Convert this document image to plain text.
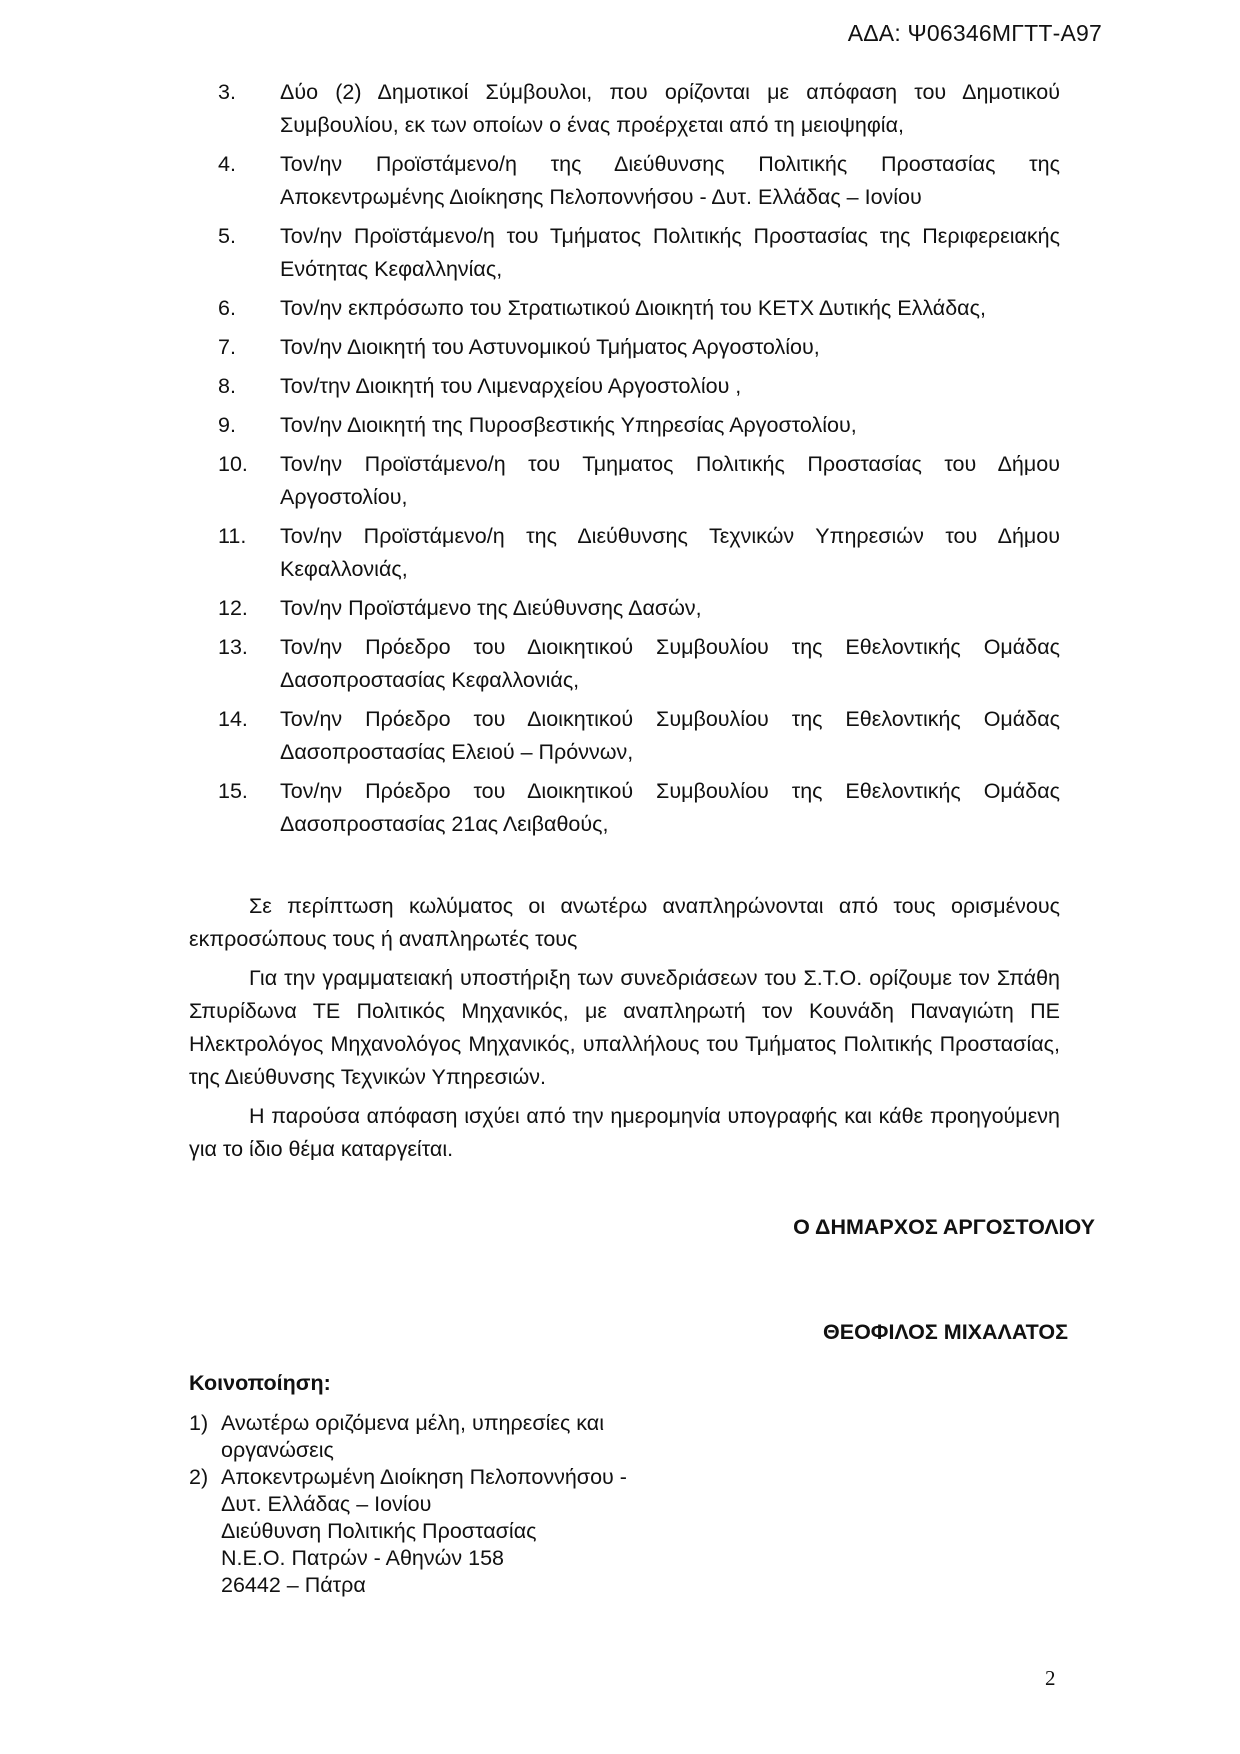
ΑΔΑ: Ψ06346ΜΓΤΤ-Α97
3. Δύο (2) Δημοτικοί Σύμβουλοι, που ορίζονται με απόφαση του Δημοτικού Συμβουλίου, εκ των οποίων ο ένας προέρχεται από τη μειοψηφία,
4. Τον/ην Προϊστάμενο/η της Διεύθυνσης Πολιτικής Προστασίας της Αποκεντρωμένης Διοίκησης Πελοποννήσου - Δυτ. Ελλάδας – Ιονίου
5. Τον/ην Προϊστάμενο/η του Τμήματος Πολιτικής Προστασίας της Περιφερειακής Ενότητας Κεφαλληνίας,
6. Τον/ην εκπρόσωπο του Στρατιωτικού Διοικητή του ΚΕΤΧ Δυτικής Ελλάδας,
7. Τον/ην Διοικητή του Αστυνομικού Τμήματος Αργοστολίου,
8. Τον/την Διοικητή του Λιμεναρχείου Αργοστολίου ,
9. Τον/ην Διοικητή της Πυροσβεστικής Υπηρεσίας Αργοστολίου,
10. Τον/ην Προϊστάμενο/η του Τμηματος Πολιτικής Προστασίας του Δήμου Αργοστολίου,
11. Τον/ην Προϊστάμενο/η της Διεύθυνσης Τεχνικών Υπηρεσιών του Δήμου Κεφαλλονιάς,
12. Τον/ην Προϊστάμενο της Διεύθυνσης Δασών,
13. Τον/ην Πρόεδρο του Διοικητικού Συμβουλίου της Εθελοντικής Ομάδας Δασοπροστασίας Κεφαλλονιάς,
14. Τον/ην Πρόεδρο του Διοικητικού Συμβουλίου της Εθελοντικής Ομάδας Δασοπροστασίας Ελειού – Πρόννων,
15. Τον/ην Πρόεδρο του Διοικητικού Συμβουλίου της Εθελοντικής Ομάδας Δασοπροστασίας 21ας Λειβαθούς,

Σε περίπτωση κωλύματος οι ανωτέρω αναπληρώνονται από τους ορισμένους εκπροσώπους τους ή αναπληρωτές τους

Για την γραμματειακή υποστήριξη των συνεδριάσεων του Σ.Τ.Ο. ορίζουμε τον Σπάθη Σπυρίδωνα ΤΕ Πολιτικός Μηχανικός, με αναπληρωτή τον Κουνάδη Παναγιώτη ΠΕ Ηλεκτρολόγος Μηχανολόγος Μηχανικός, υπαλλήλους του Τμήματος Πολιτικής Προστασίας, της Διεύθυνσης Τεχνικών Υπηρεσιών.

Η παρούσα απόφαση ισχύει από την ημερομηνία υπογραφής και κάθε προηγούμενη για το ίδιο θέμα καταργείται.

Ο ΔΗΜΑΡΧΟΣ ΑΡΓΟΣΤΟΛΙΟΥ
ΘΕΟΦΙΛΟΣ ΜΙΧΑΛΑΤΟΣ
Κοινοποίηση:
1) Ανωτέρω οριζόμενα μέλη, υπηρεσίες και
οργανώσεις
2) Αποκεντρωμένη Διοίκηση Πελοποννήσου -
Δυτ. Ελλάδας – Ιονίου
Διεύθυνση Πολιτικής Προστασίας
Ν.Ε.Ο. Πατρών - Αθηνών 158
26442 – Πάτρα
2
